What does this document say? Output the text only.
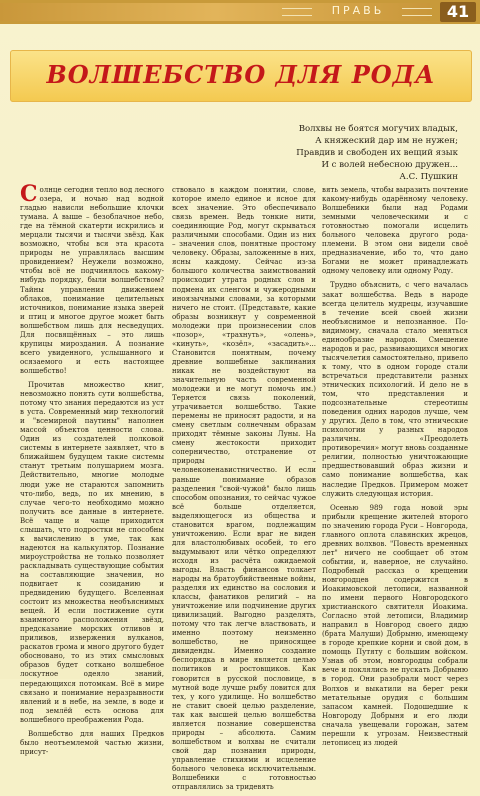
ПРАВЬ	41
ВОЛШЕБСТВО ДЛЯ РОДА
Волхвы не боятся могучих владык,
А княжеский дар им не нужен;
Правдив и свободен их вещий язык
И с волей небесною дружен...
А.С. Пушкин

Солнце сегодня тепло вод лесного озера, и ночью над водной гладью нависли небольшие клочки тумана. А выше – безоблачное небо, где на тёмной скатерти искрились и мерцали тысячи и тысячи звёзд. Как возможно, чтобы вся эта красота природы не управлялась высшим провидением? Неужели возможно, чтобы всё не подчинялось какому-нибудь порядку, были волшебством? Тайны управления движением облаков, понимание целительных источников, понимание языка зверей и птиц и многое другое может быть волшебством лишь для несведущих. Для посвящённых – это лишь крупицы мироздания. А познание всего увиденного, услышанного и осязаемого и есть настоящее волшебство!

Прочитав множество книг, невозможно понять сути волшебства, потому что знания передаются из уст в уста. Современный мир технологий и "всемирной паутины" наполнен массой объектов ценности слова. Один из создателей полковой системы в интернете заявляет, что в ближайшем будущем такие системы станут третьим полушарием мозга. Действительно, многие молодые люди уже не стараются запомнить что-либо, ведь, по их мнению, в случае чего-то необходимо можно получить все данные в интернете. Всё чаще и чаще приходится слышать, что подростки не способны к вычислению в уме, так как надеются на калькулятор. Познание мироустройства не только позволяет раскладывать существующие события на составляющие значения, но подвигает к созиданию и предвидению будущего. Вселенная состоит из множества необъяснимых вещей. И если постижение сути взаимного расположения звёзд, предсказание морских отливов и приливов, извержения вулканов, раскатов грома и много другого будет обосновано, то из этих смысловых образов будет сотканo волшебное лоскутное одеяло знаний, передающихся потомкам. Всё в мире связано и понимание неразрывности явлений и в небе, на земле, в воде и под землёй есть основа для волшебного преображения Рода.

Волшебство для наших Предков было неотъемлемой частью жизни, присут-

ствовало в каждом понятии, слове, которое имело единое и ясное для всех значение. Это обеспечивало связь времен. Ведь тонкие нити, соединяющие Род, могут скрываться различными способами. Один из них – значения слов, понятные простому человеку. Образы, заложенные в них, ясны каждому. Сейчас из-за большого количества заимствований происходит утрата родных слов и подмена их сленгом и чужеродными иноязычными словами, за которыми ничего не стоит. (Представьте, какие образы возникнут у современной молодежи при произнесении слов «позор», «трахнуть», «олень», «кинуть», «козёл», «засадить»... Становится понятным, почему древние волшебные заклинания никак не воздействуют на значительную часть современной молодежи и не могут помочь им.) Теряется связь поколений, утрачивается волшебство. Такие перемены не приносят радости, и на смену светлым солнечным образам приходят тёмные законы Луны. На смену жестокости приходит соперничество, отстранение от природы – человеконенавистничество. И если раньше понимание образов разделения "свой-чужой" было лишь способом опознания, то сейчас чужое всё больше отделяется, выделяющегося из общества и становится врагом, подлежащим уничтожению. Если враг не виден для властолюбивых особей, то его выдумывают или чётко определяют исходя из расчёта ожидаемой выгоды. Власть финансов толкает народы на братоубийственные войны, разделяя их единство на сословия и классы, фанатиков религий – на уничтожение или подчинение других цивилизаций. Выгодно разделять, потому что так легче властвовать, и именно поэтому неизменно волшебство, не приносящее дивиденды. Именно создание беспорядка в мире является целью политиков и ростовщиков. Как говорится в русской пословице, в мутной воде лучше рыбу ловится для тех, у кого удилище. Но волшебство не ставит своей целью разделение, так как высшей целью волшебства является познание совершенства природы – абсолюта. Самим волшебством и волхвы не считали свой дар познания природы, управление стихиями и исцеление больного человека исключительным. Волшебники с готовностью отправлялись за тридевять

вять земель, чтобы выразить почтение какому-нибудь одарённому человеку. Волшебники были над Родами земными человеческими и с готовностью помогали исцелить больного человека другого рода-племени. В этом они видели своё предназначение, ибо то, что дано Богами не может принадлежать одному человеку или одному Роду.

Трудно объяснить, с чего началась закат волшебства. Ведь в народе всегда целитель мудрецы, изучавшие в течение всей своей жизни необъяснимое и непознанное. По-видимому, сначала стало меняться единообразие народов. Смешение народов и рас, развивающихся многих тысячелетия самостоятельно, привело к тому, что в одном городе стали встречаться представители разных этнических психологий. И дело не в том, что представления и подсознательные стереотипы поведения одних народов лучше, чем у других. Дело в том, что этнические психологии у разных народов различны. «Преодолеть противоречия» могут вновь созданные религии, полностью уничтожающие предшествовавший образ жизни и само понимание волшебства, как наследие Предков. Примером может служить следующая история.

Осенью 989 года новой эры прибыли крещение жителей второго по значению города Руси – Новгорода, главного оплота славянских жрецов, древних волхвов. "Повесть временных лет" ничего не сообщает об этом событии, и, наверное, не случайно. Подробный рассказ о крещении новгородцев содержится в Иоакимовской летописи, названной по имени первого Новгородского христианского святителя Иоакима. Согласно этой летописи, Владимир направил в Новгород своего дядю (брата Малуши) Добрыню, имеющему в городе крепкие корни и свой дом, в помощь Путяту с большим войском. Узнав об этом, новгородцы собрали вече и поклялись не пускать Добрыню в город. Они разобрали мост через Волхов и выкатили на берег реки метательные орудия с большим запасом камней. Подошедшие к Новгороду Добрыня и его люди сначала увещевали горожан, затем перешли к угрозам. Неизвестный летописец из людей
